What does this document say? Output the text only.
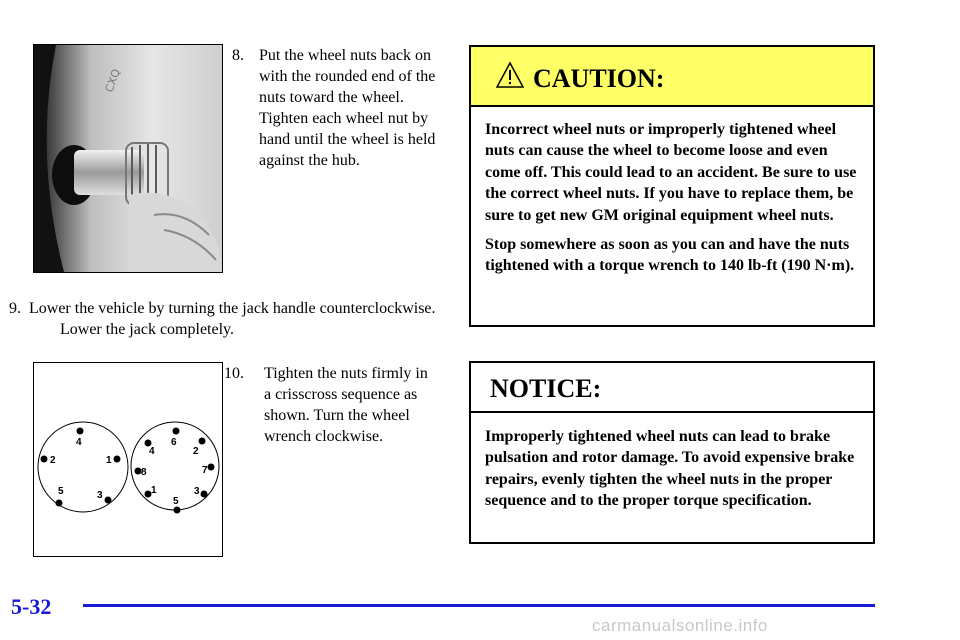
CXQ
8. Put the wheel nuts back on with the rounded end of the nuts toward the wheel. Tighten each wheel nut by hand until the wheel is held against the hub.
9. Lower the vehicle by turning the jack handle counterclockwise. Lower the jack completely.
4
1
3
5
2
6
2
7
3
5
1
8
4
10.	Tighten the nuts firmly in a crisscross sequence as shown. Turn the wheel wrench clockwise.
CAUTION:

Incorrect wheel nuts or improperly tightened wheel nuts can cause the wheel to become loose and even come off. This could lead to an accident. Be sure to use the correct wheel nuts. If you have to replace them, be sure to get new GM original equipment wheel nuts.

Stop somewhere as soon as you can and have the nuts tightened with a torque wrench to 140 lb-ft (190 N·m).

NOTICE:
Improperly tightened wheel nuts can lead to brake pulsation and rotor damage. To avoid expensive brake repairs, evenly tighten the wheel nuts in the proper sequence and to the proper torque specification.
5-32
carmanualsonline.info
